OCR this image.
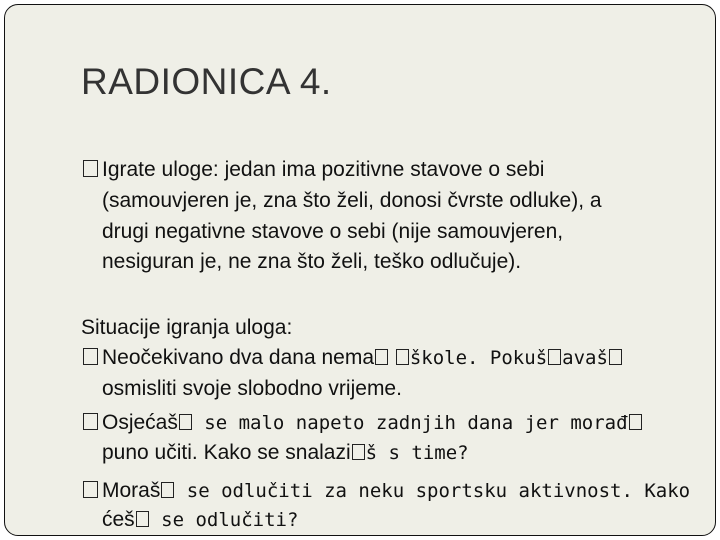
RADIONICA 4.
Igrate uloge: jedan ima pozitivne stavove o sebi
(samouvjeren je, zna što želi, donosi čvrste odluke), a
drugi negativne stavove o sebi (nije samouvjeren,
nesiguran je, ne zna što želi, teško odlučuje).
Situacije igranja uloga:
Neočekivano dva dana nema škole. Pokuš avaš
osmisliti svoje slobodno vrijeme.
Osjećaš se malo napeto zadnjih dana jer morađ
puno učiti. Kako se snalazi š s time?
Moraš se odlučiti za neku sportsku aktivnost. Kako
ćeš se odlučiti?
